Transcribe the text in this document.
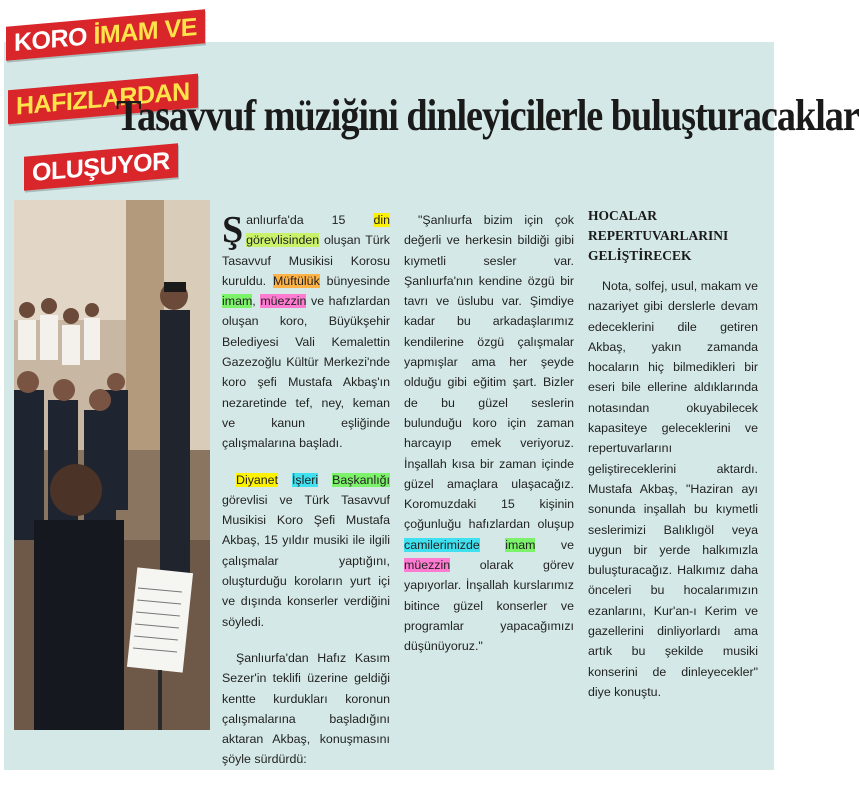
KORO İMAM VE
HAFIZLARDAN
OLUŞUYOR
Tasavvuf müziğini dinleyicilerle buluşturacaklar

Şanlıurfa'da 15 din görevlisinden oluşan Türk Tasavvuf Musikisi Korosu kuruldu. Müftülük bünyesinde imam, müezzin ve hafızlardan oluşan koro, Büyükşehir Belediyesi Vali Kemalettin Gazezoğlu Kültür Merkezi'nde koro şefi Mustafa Akbaş'ın nezaretinde tef, ney, keman ve kanun eşliğinde çalışmalarına başladı.

Diyanet İşleri Başkanlığı görevlisi ve Türk Tasavvuf Musikisi Koro Şefi Mustafa Akbaş, 15 yıldır musiki ile ilgili çalışmalar yaptığını, oluşturduğu koroların yurt içi ve dışında konserler verdiğini söyledi.

Şanlıurfa'dan Hafız Kasım Sezer'in teklifi üzerine geldiği kentte kurdukları koronun çalışmalarına başladığını aktaran Akbaş, konuşmasını şöyle sürdürdü:

"Şanlıurfa bizim için çok değerli ve herkesin bildiği gibi kıymetli sesler var. Şanlıurfa'nın kendine özgü bir tavrı ve üslubu var. Şimdiye kadar bu arkadaşlarımız kendilerine özgü çalışmalar yapmışlar ama her şeyde olduğu gibi eğitim şart. Bizler de bu güzel seslerin bulunduğu koro için zaman harcayıp emek veriyoruz. İnşallah kısa bir zaman içinde güzel amaçlara ulaşacağız. Koromuzdaki 15 kişinin çoğunluğu hafızlardan oluşup camilerimizde imam ve müezzin olarak görev yapıyorlar. İnşallah kurslarımız bitince güzel konserler ve programlar yapacağımızı düşünüyoruz."

HOCALAR REPERTUVARLARINI GELİŞTİRECEK

Nota, solfej, usul, makam ve nazariyet gibi derslerle devam edeceklerini dile getiren Akbaş, yakın zamanda hocaların hiç bilmedikleri bir eseri bile ellerine aldıklarında notasından okuyabilecek kapasiteye geleceklerini ve repertuvarlarını geliştireceklerini aktardı. Mustafa Akbaş, "Haziran ayı sonunda inşallah bu kıymetli seslerimizi Balıklıgöl veya uygun bir yerde halkımızla buluşturacağız. Halkımız daha önceleri bu hocalarımızın ezanlarını, Kur'an-ı Kerim ve gazellerini dinliyorlardı ama artık bu şekilde musiki konserini de dinleyecekler" diye konuştu.
